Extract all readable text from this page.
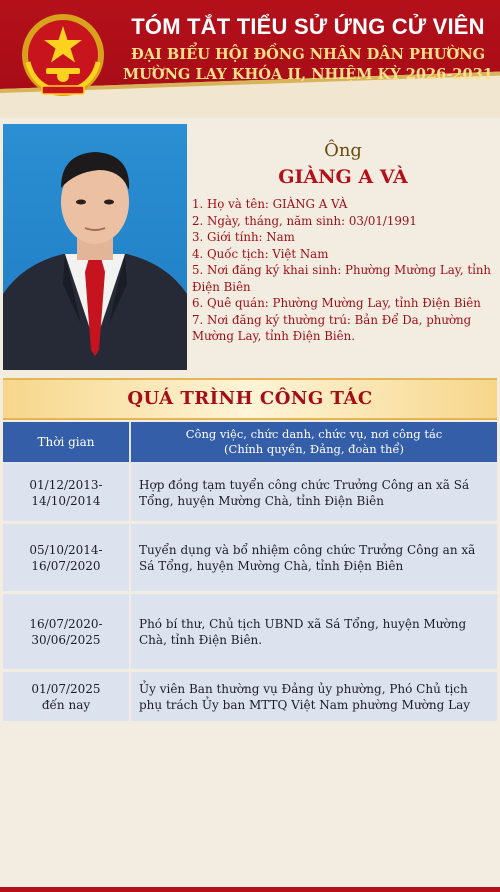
TÓM TẮT TIỂU SỬ ỨNG CỬ VIÊN
ĐẠI BIỂU HỘI ĐỒNG NHÂN DÂN PHƯỜNG
MƯỜNG LAY KHÓA II, NHIỆM KỲ 2026-2031
Ông
GIÀNG A VÀ
1. Họ và tên: GIÀNG A VÀ
2. Ngày, tháng, năm sinh: 03/01/1991
3. Giới tính: Nam
4. Quốc tịch: Việt Nam
5. Nơi đăng ký khai sinh: Phường Mường Lay, tỉnh Điện Biên
6. Quê quán: Phường Mường Lay, tỉnh Điện Biên
7. Nơi đăng ký thường trú: Bản Để Da, phường Mường Lay, tỉnh Điện Biên.
QUÁ TRÌNH CÔNG TÁC
Thời gian
Công việc, chức danh, chức vụ, nơi công tác
(Chính quyền, Đảng, đoàn thể)
01/12/2013-
14/10/2014
Hợp đồng tạm tuyển công chức Trưởng Công an xã Sá Tổng, huyện Mường Chà, tỉnh Điện Biên
05/10/2014-
16/07/2020
Tuyển dụng và bổ nhiệm công chức Trưởng Công an xã Sá Tổng, huyện Mường Chà, tỉnh Điện Biên
16/07/2020-
30/06/2025
Phó bí thư, Chủ tịch UBND xã Sá Tổng, huyện Mường Chà, tỉnh Điện Biên.
01/07/2025
đến nay
Ủy viên Ban thường vụ Đảng ủy phường, Phó Chủ tịch phụ trách Ủy ban MTTQ Việt Nam phường Mường Lay
